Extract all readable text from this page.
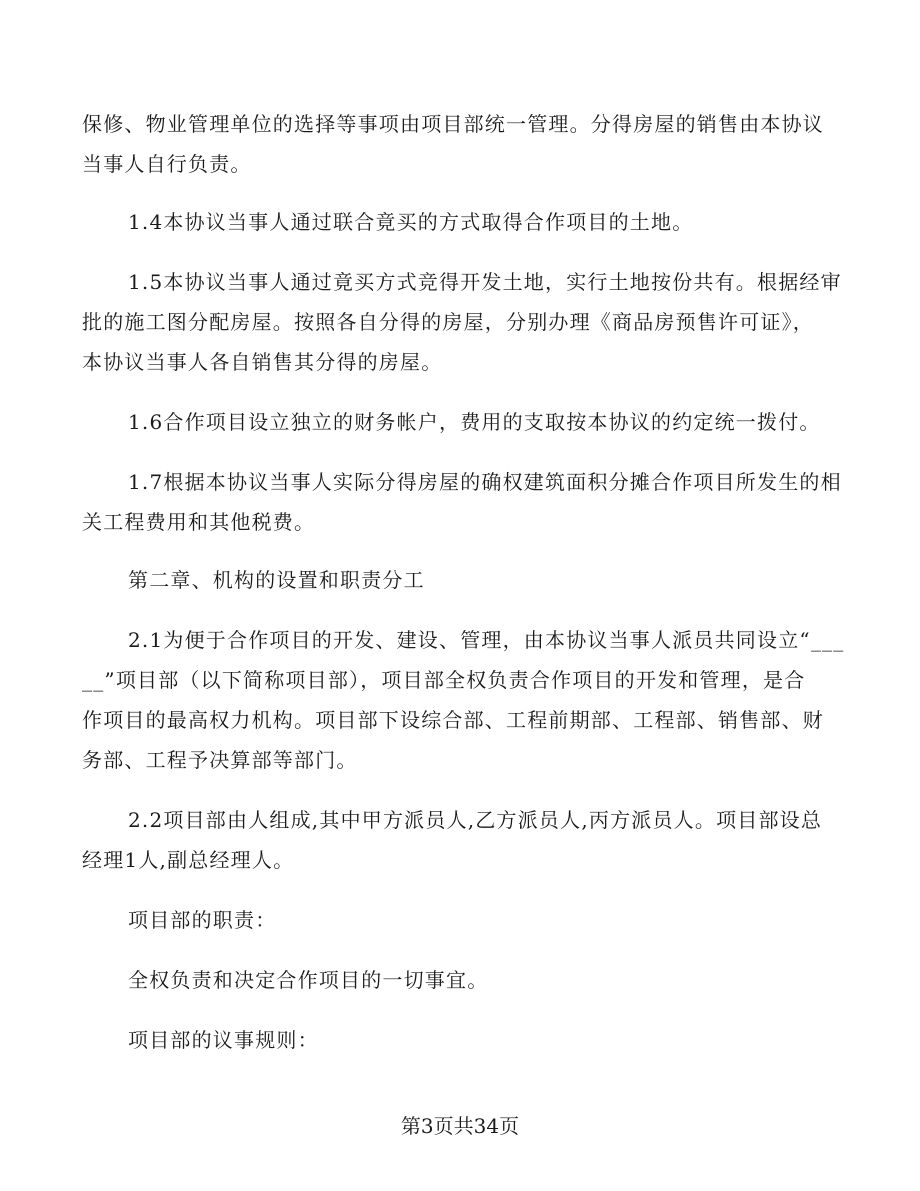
保修、物业管理单位的选择等事项由项目部统一管理。分得房屋的销售由本协议
当事人自行负责。

1.4本协议当事人通过联合竟买的方式取得合作项目的土地。

1.5本协议当事人通过竟买方式竞得开发土地，实行土地按份共有。根据经审
批的施工图分配房屋。按照各自分得的房屋，分别办理《商品房预售许可证》，
本协议当事人各自销售其分得的房屋。

1.6合作项目设立独立的财务帐户，费用的支取按本协议的约定统一拨付。

1.7根据本协议当事人实际分得房屋的确权建筑面积分摊合作项目所发生的相
关工程费用和其他税费。

第二章、机构的设置和职责分工

2.1为便于合作项目的开发、建设、管理，由本协议当事人派员共同设立“___
__”项目部（以下简称项目部），项目部全权负责合作项目的开发和管理，是合
作项目的最高权力机构。项目部下设综合部、工程前期部、工程部、销售部、财
务部、工程予决算部等部门。

2.2项目部由人组成,其中甲方派员人,乙方派员人,丙方派员人。项目部设总
经理1人,副总经理人。

项目部的职责：

全权负责和决定合作项目的一切事宜。

项目部的议事规则：

第3页共34页
